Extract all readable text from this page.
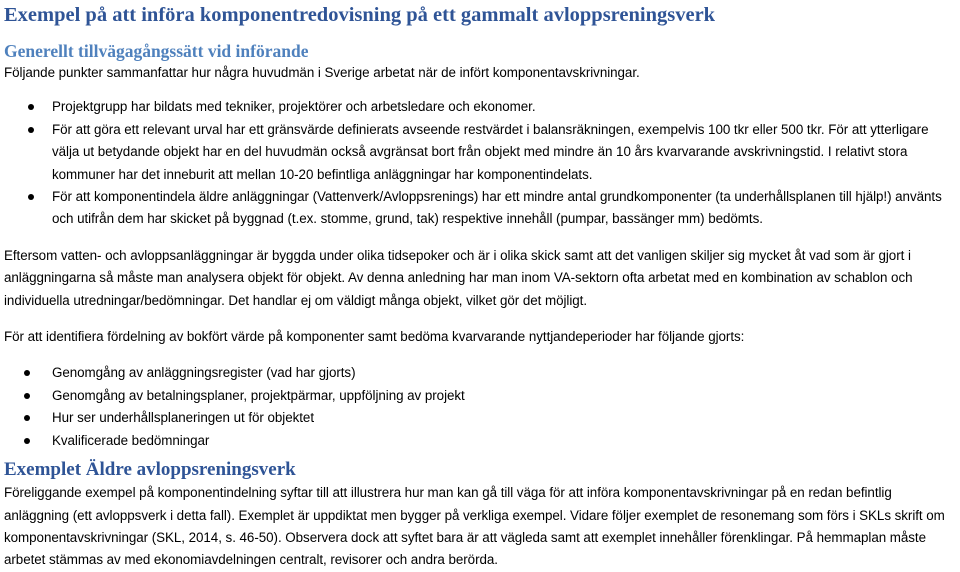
Exempel på att införa komponentredovisning på ett gammalt avloppsreningsverk
Generellt tillvägagångssätt vid införande

Följande punkter sammanfattar hur några huvudmän i Sverige arbetat när de infört komponentavskrivningar.

Projektgrupp har bildats med tekniker, projektörer och arbetsledare och ekonomer.
För att göra ett relevant urval har ett gränsvärde definierats avseende restvärdet i balansräkningen, exempelvis 100 tkr eller 500 tkr. För att ytterligare välja ut betydande objekt har en del huvudmän också avgränsat bort från objekt med mindre än 10 års kvarvarande avskrivningstid. I relativt stora kommuner har det inneburit att mellan 10-20 befintliga anläggningar har komponentindelats.
För att komponentindela äldre anläggningar (Vattenverk/Avloppsrenings) har ett mindre antal grundkomponenter (ta underhållsplanen till hjälp!) använts och utifrån dem har skicket på byggnad (t.ex. stomme, grund, tak) respektive innehåll (pumpar, bassänger mm) bedömts.

Eftersom vatten- och avloppsanläggningar är byggda under olika tidsepoker och är i olika skick samt att det vanligen skiljer sig mycket åt vad som är gjort i anläggningarna så måste man analysera objekt för objekt. Av denna anledning har man inom VA-sektorn ofta arbetat med en kombination av schablon och individuella utredningar/bedömningar. Det handlar ej om väldigt många objekt, vilket gör det möjligt.

För att identifiera fördelning av bokfört värde på komponenter samt bedöma kvarvarande nyttjandeperioder har följande gjorts:

Genomgång av anläggningsregister (vad har gjorts)
Genomgång av betalningsplaner, projektpärmar, uppföljning av projekt
Hur ser underhållsplaneringen ut för objektet
Kvalificerade bedömningar
Exemplet Äldre avloppsreningsverk

Föreliggande exempel på komponentindelning syftar till att illustrera hur man kan gå till väga för att införa komponentavskrivningar på en redan befintlig anläggning (ett avloppsverk i detta fall). Exemplet är uppdiktat men bygger på verkliga exempel. Vidare följer exemplet de resonemang som förs i SKLs skrift om komponentavskrivningar (SKL, 2014, s. 46-50). Observera dock att syftet bara är att vägleda samt att exemplet innehåller förenklingar. På hemmaplan måste arbetet stämmas av med ekonomiavdelningen centralt, revisorer och andra berörda.
